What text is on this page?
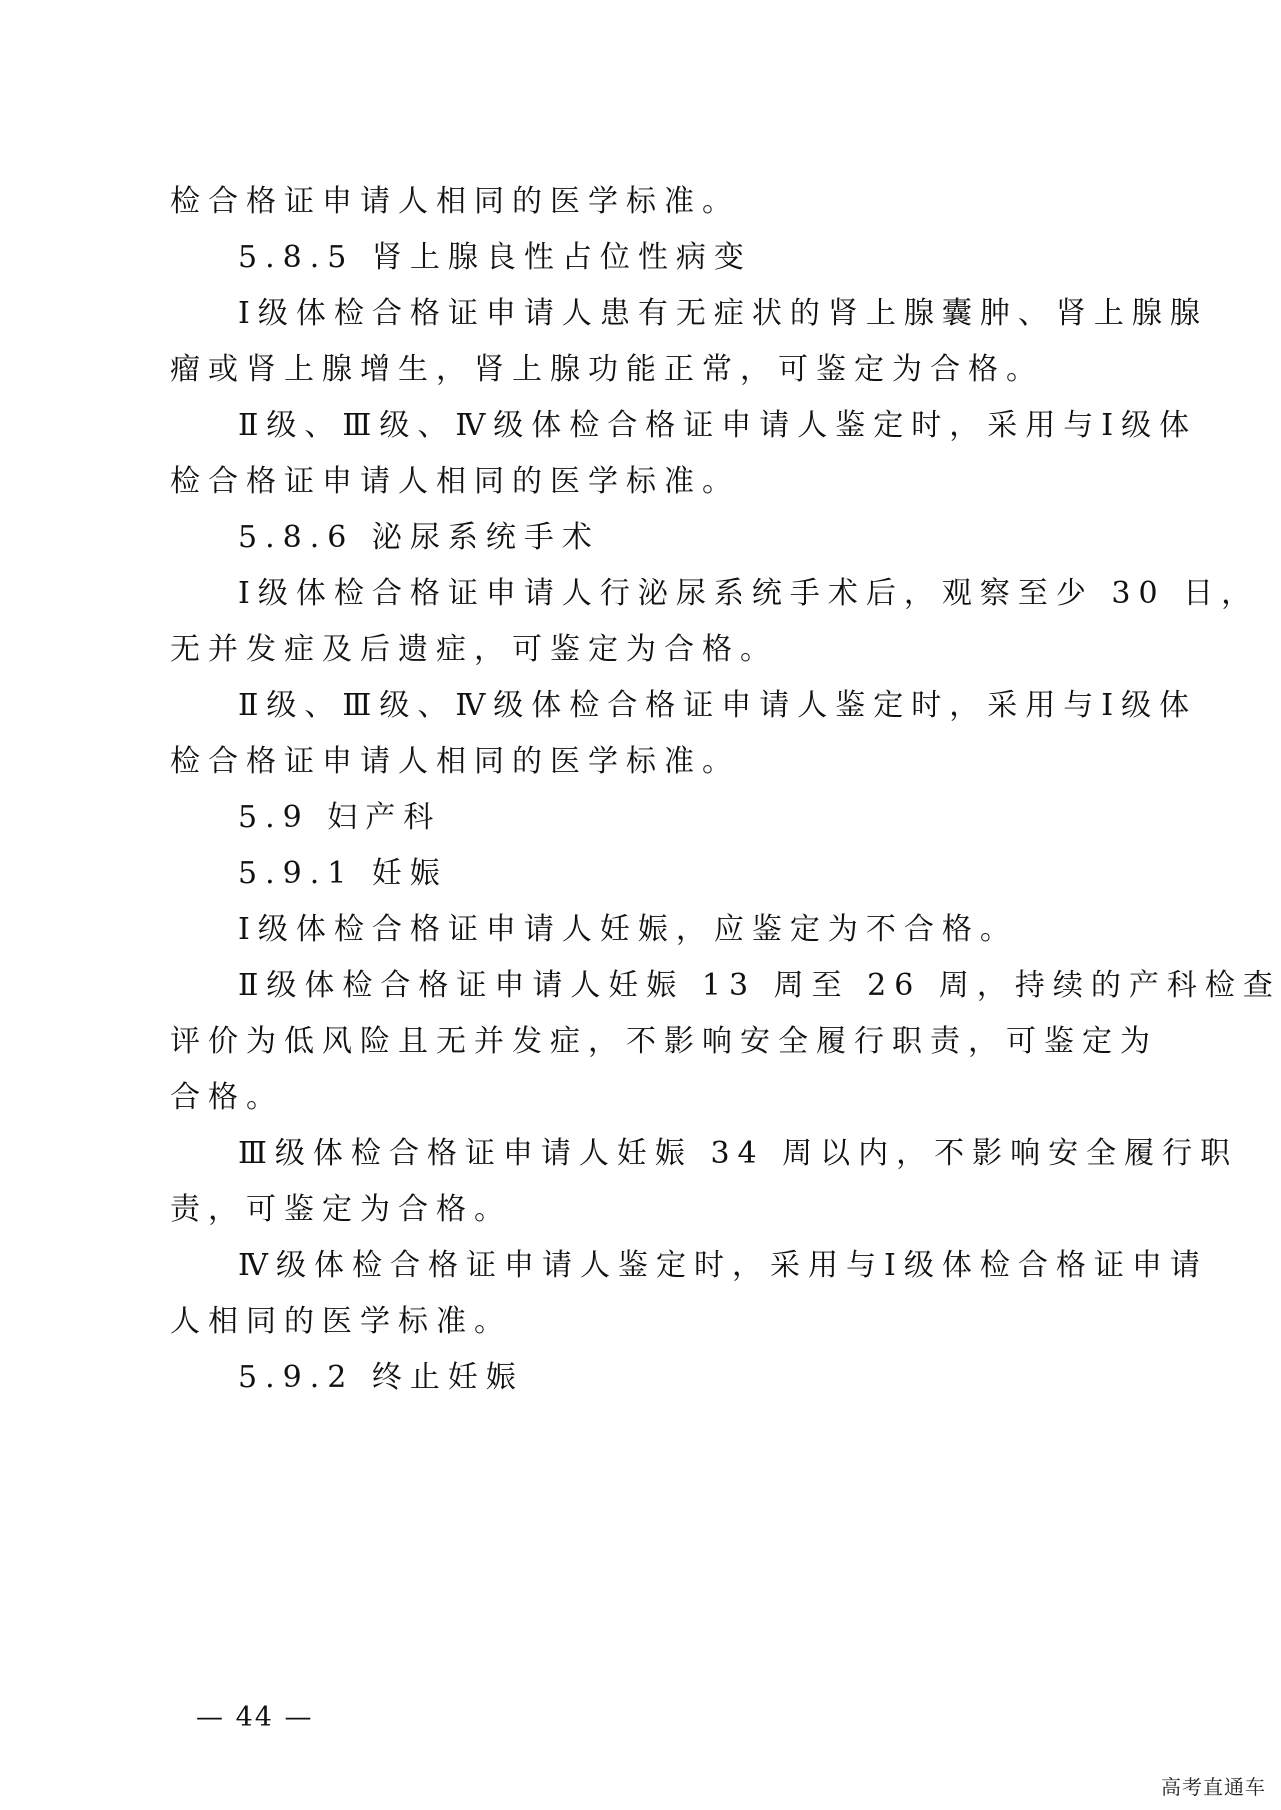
检合格证申请人相同的医学标准。
5.8.5 肾上腺良性占位性病变
Ⅰ级体检合格证申请人患有无症状的肾上腺囊肿、肾上腺腺
瘤或肾上腺增生，肾上腺功能正常，可鉴定为合格。
Ⅱ级、Ⅲ级、Ⅳ级体检合格证申请人鉴定时，采用与Ⅰ级体
检合格证申请人相同的医学标准。
5.8.6 泌尿系统手术
Ⅰ级体检合格证申请人行泌尿系统手术后，观察至少 30 日，
无并发症及后遗症，可鉴定为合格。
Ⅱ级、Ⅲ级、Ⅳ级体检合格证申请人鉴定时，采用与Ⅰ级体
检合格证申请人相同的医学标准。
5.9 妇产科
5.9.1 妊娠
Ⅰ级体检合格证申请人妊娠，应鉴定为不合格。
Ⅱ级体检合格证申请人妊娠 13 周至 26 周，持续的产科检查
评价为低风险且无并发症，不影响安全履行职责，可鉴定为
合格。
Ⅲ级体检合格证申请人妊娠 34 周以内，不影响安全履行职
责，可鉴定为合格。
Ⅳ级体检合格证申请人鉴定时，采用与Ⅰ级体检合格证申请
人相同的医学标准。
5.9.2 终止妊娠
— 44 —
高考直通车
